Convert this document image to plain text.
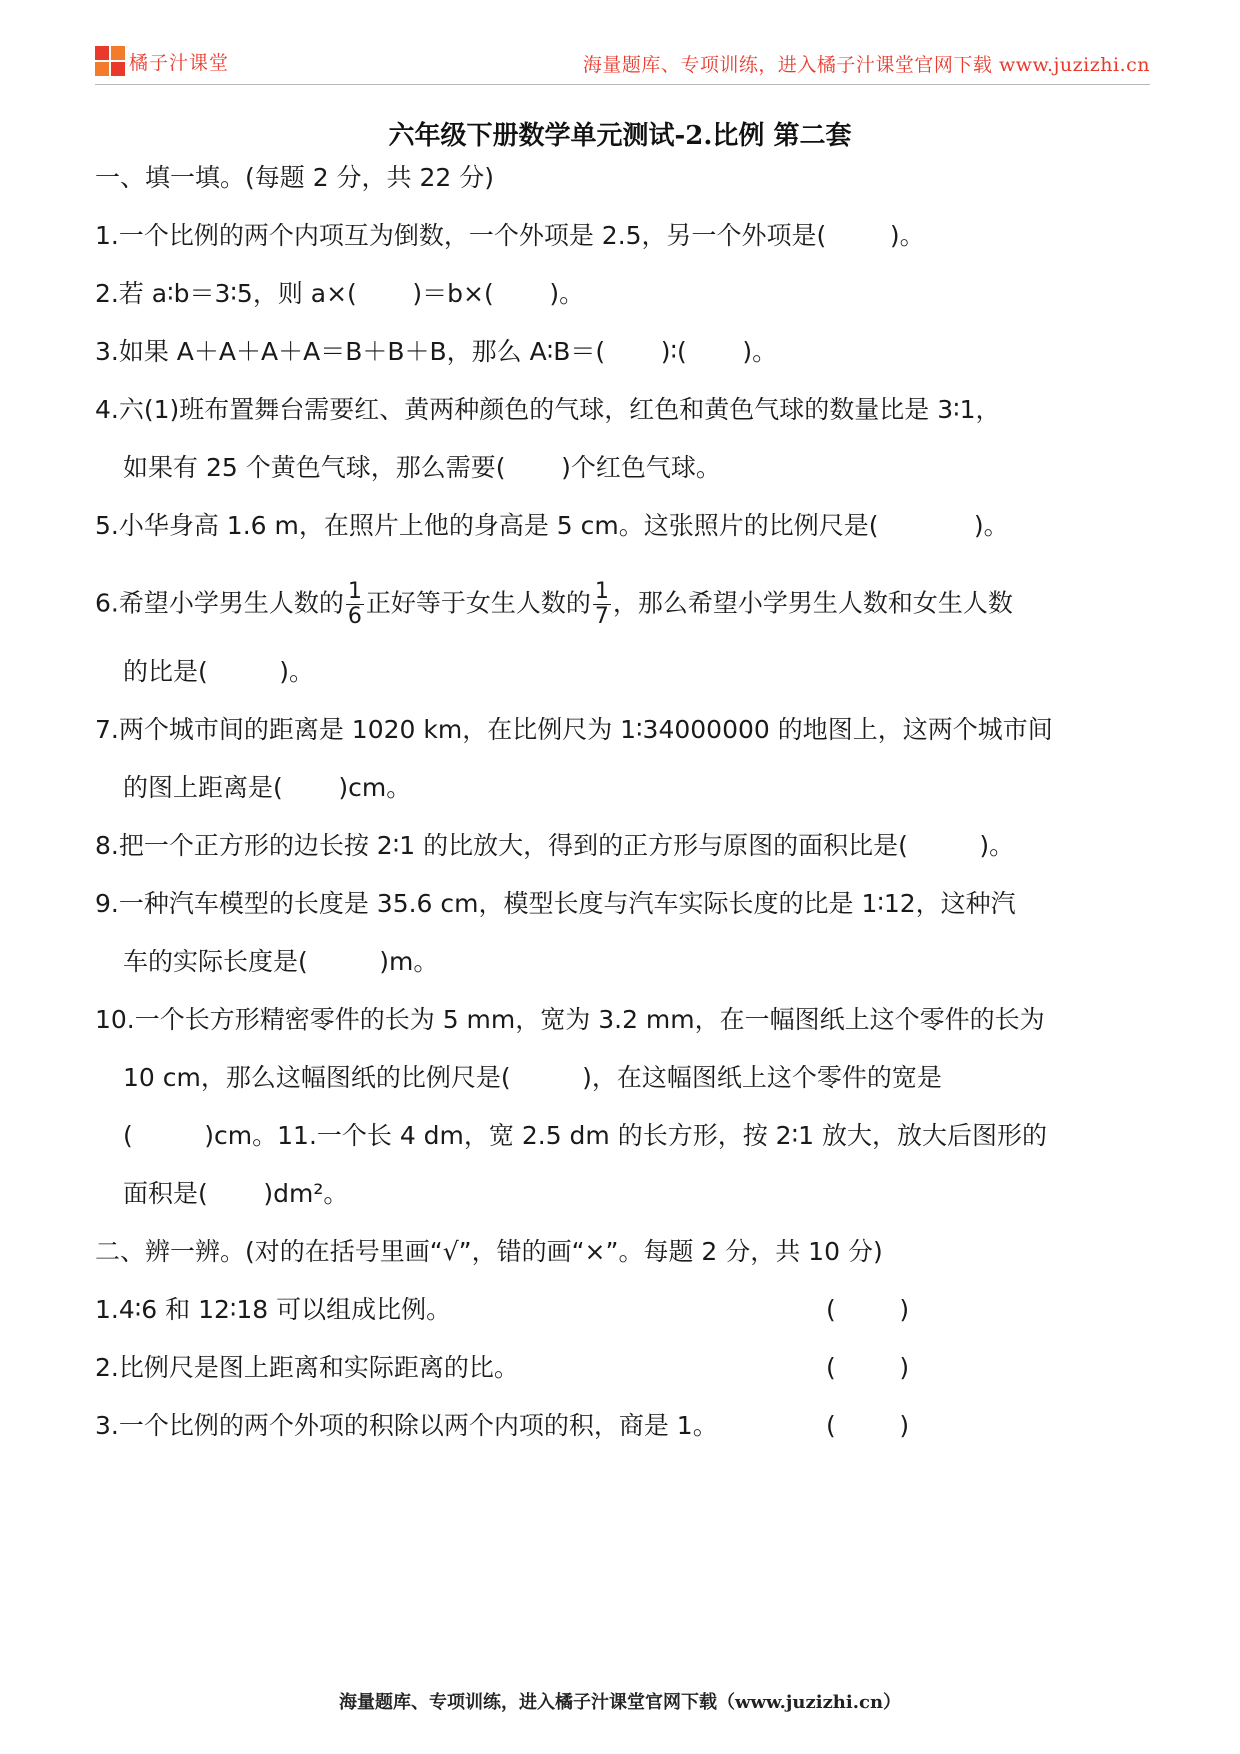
橘子汁课堂	海量题库、专项训练，进入橘子汁课堂官网下载 www.juzizhi.cn
六年级下册数学单元测试-2.比例 第二套
一、填一填。(每题 2 分，共 22 分)
1.一个比例的两个内项互为倒数，一个外项是 2.5，另一个外项是(        )。
2.若 a∶b＝3∶5，则 a×(       )＝b×(       )。
3.如果 A＋A＋A＋A＝B＋B＋B，那么 A∶B＝(       )∶(       )。
4.六(1)班布置舞台需要红、黄两种颜色的气球，红色和黄色气球的数量比是 3∶1，
如果有 25 个黄色气球，那么需要(       )个红色气球。
5.小华身高 1.6 m，在照片上他的身高是 5 cm。这张照片的比例尺是(            )。
6.希望小学男生人数的 $\frac{1}{6}$ 正好等于女生人数的 $\frac{1}{7}$ ，那么希望小学男生人数和女生人数
的比是(         )。
7.两个城市间的距离是 1020 km，在比例尺为 1∶34000000 的地图上，这两个城市间
的图上距离是(       )cm。
8.把一个正方形的边长按 2∶1 的比放大，得到的正方形与原图的面积比是(         )。
9.一种汽车模型的长度是 35.6 cm，模型长度与汽车实际长度的比是 1∶12，这种汽
车的实际长度是(         )m。
10.一个长方形精密零件的长为 5 mm，宽为 3.2 mm，在一幅图纸上这个零件的长为
10 cm，那么这幅图纸的比例尺是(         )，在这幅图纸上这个零件的宽是
(         )cm。11.一个长 4 dm，宽 2.5 dm 的长方形，按 2∶1 放大，放大后图形的
面积是(       )dm²。
二、辨一辨。(对的在括号里画“√”，错的画“×”。每题 2 分，共 10 分)
1.4∶6 和 12∶18 可以组成比例。	(        )
2.比例尺是图上距离和实际距离的比。	(        )
3.一个比例的两个外项的积除以两个内项的积，商是 1。	(        )
海量题库、专项训练，进入橘子汁课堂官网下载（www.juzizhi.cn）
